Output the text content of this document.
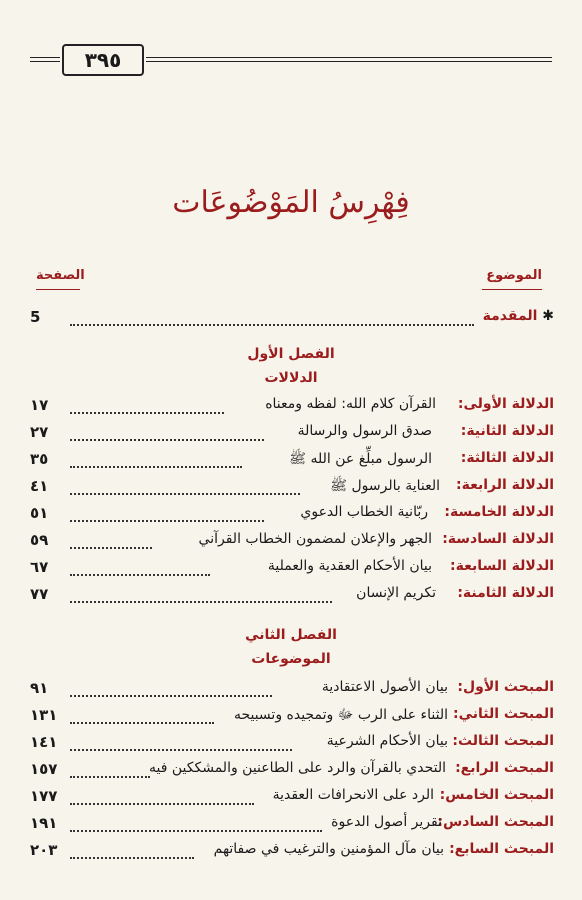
٣٩٥
فِهْرِسُ المَوْضُوعَات
الموضوع
الصفحة
✱ المقدمة
5
الفصل الأول
الدلالات
الدلالة الأولى:
القرآن كلام الله: لفظه ومعناه
١٧
الدلالة الثانية:
صدق الرسول والرسالة
٢٧
الدلالة الثالثة:
الرسول مبلِّغ عن الله ﷺ
٣٥
الدلالة الرابعة:
العناية بالرسول ﷺ
٤١
الدلالة الخامسة:
ربّانية الخطاب الدعوي
٥١
الدلالة السادسة:
الجهر والإعلان لمضمون الخطاب القرآني
٥٩
الدلالة السابعة:
بيان الأحكام العقدية والعملية
٦٧
الدلالة الثامنة:
تكريم الإنسان
٧٧
الفصل الثاني
الموضوعات
المبحث الأول:
بيان الأصول الاعتقادية
٩١
المبحث الثاني:
الثناء على الرب ﷻ وتمجيده وتسبيحه
١٣١
المبحث الثالث:
بيان الأحكام الشرعية
١٤١
المبحث الرابع:
التحدي بالقرآن والرد على الطاعنين والمشككين فيه
١٥٧
المبحث الخامس:
الرد على الانحرافات العقدية
١٧٧
المبحث السادس:
تقرير أصول الدعوة
١٩١
المبحث السابع:
بيان مآل المؤمنين والترغيب في صفاتهم
٢٠٣
